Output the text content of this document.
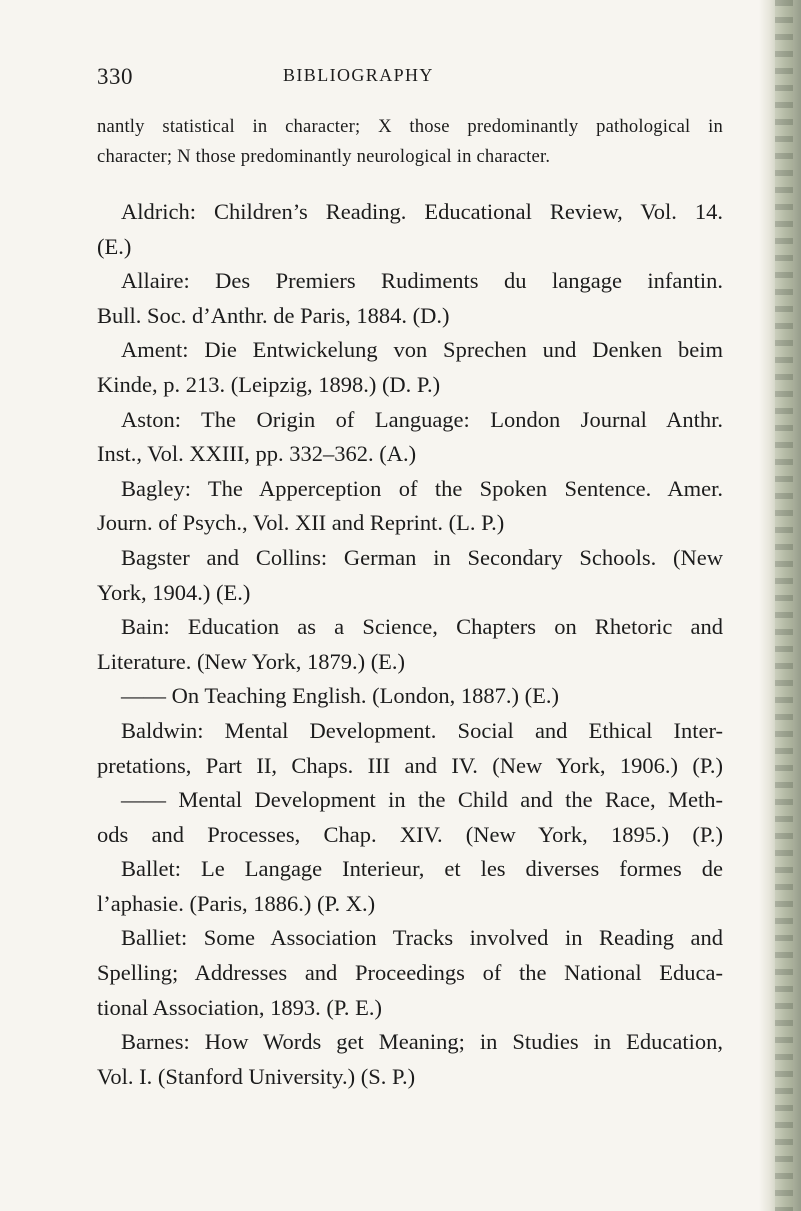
330	BIBLIOGRAPHY
nantly statistical in character; X those predominantly pathological in
character; N those predominantly neurological in character.
Aldrich: Children’s Reading. Educational Review, Vol. 14.
(E.)
Allaire: Des Premiers Rudiments du langage infantin.
Bull. Soc. d’Anthr. de Paris, 1884. (D.)
Ament: Die Entwickelung von Sprechen und Denken beim
Kinde, p. 213. (Leipzig, 1898.) (D. P.)
Aston: The Origin of Language: London Journal Anthr.
Inst., Vol. XXIII, pp. 332–362. (A.)
Bagley: The Apperception of the Spoken Sentence. Amer.
Journ. of Psych., Vol. XII and Reprint. (L. P.)
Bagster and Collins: German in Secondary Schools. (New
York, 1904.) (E.)
Bain: Education as a Science, Chapters on Rhetoric and
Literature. (New York, 1879.) (E.)
—— On Teaching English. (London, 1887.) (E.)
Baldwin: Mental Development. Social and Ethical Inter-
pretations, Part II, Chaps. III and IV. (New York, 1906.) (P.)
—— Mental Development in the Child and the Race, Meth-
ods and Processes, Chap. XIV. (New York, 1895.) (P.)
Ballet: Le Langage Interieur, et les diverses formes de
l’aphasie. (Paris, 1886.) (P. X.)
Balliet: Some Association Tracks involved in Reading and
Spelling; Addresses and Proceedings of the National Educa-
tional Association, 1893. (P. E.)
Barnes: How Words get Meaning; in Studies in Education,
Vol. I. (Stanford University.) (S. P.)
